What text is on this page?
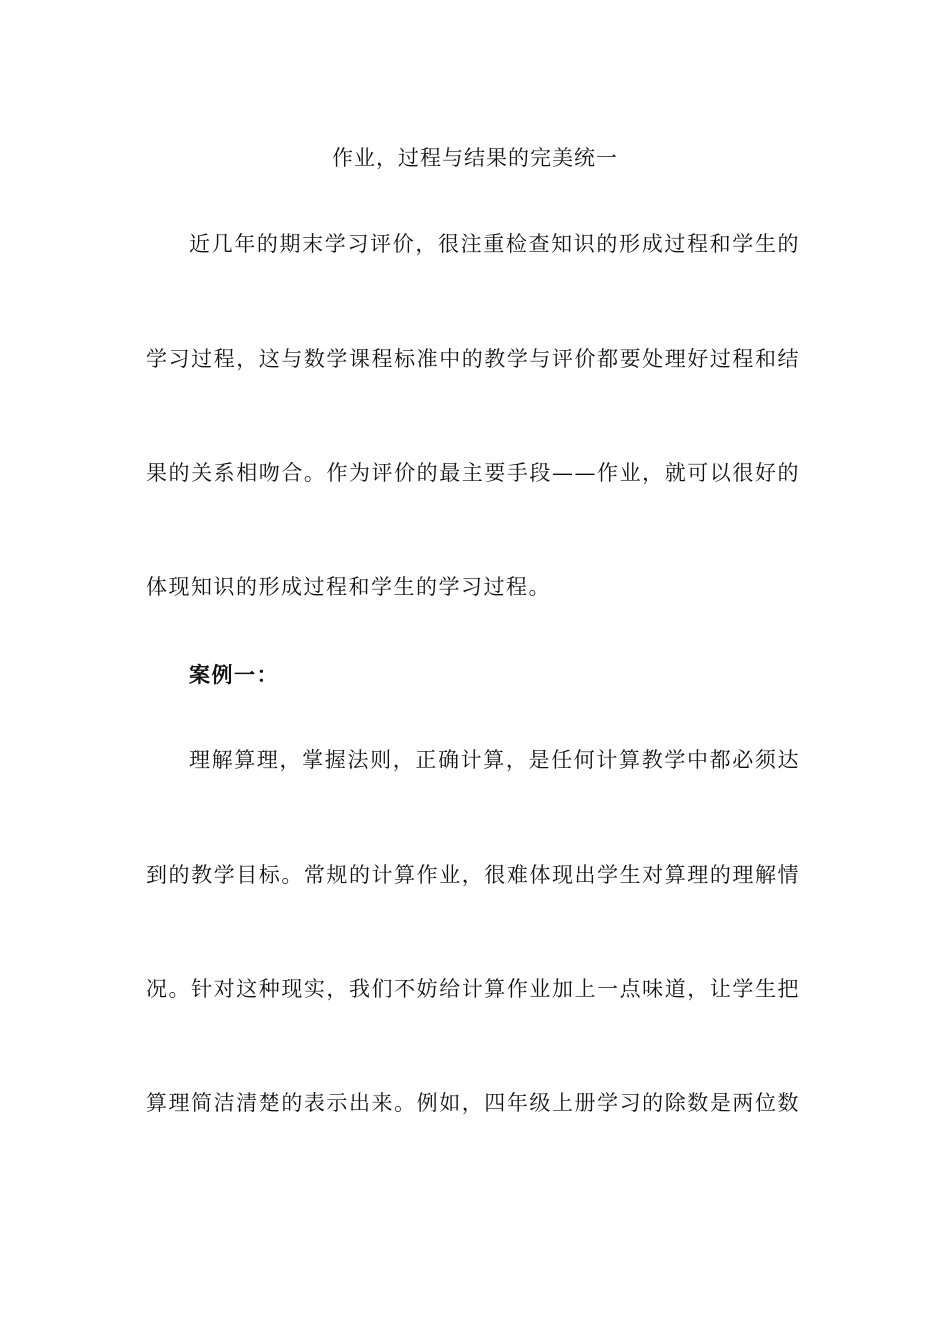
作业，过程与结果的完美统一
近几年的期末学习评价，很注重检查知识的形成过程和学生的
学习过程，这与数学课程标准中的教学与评价都要处理好过程和结
果的关系相吻合。作为评价的最主要手段——作业，就可以很好的
体现知识的形成过程和学生的学习过程。
案例一：
理解算理，掌握法则，正确计算，是任何计算教学中都必须达
到的教学目标。常规的计算作业，很难体现出学生对算理的理解情
况。针对这种现实，我们不妨给计算作业加上一点味道，让学生把
算理简洁清楚的表示出来。例如，四年级上册学习的除数是两位数
